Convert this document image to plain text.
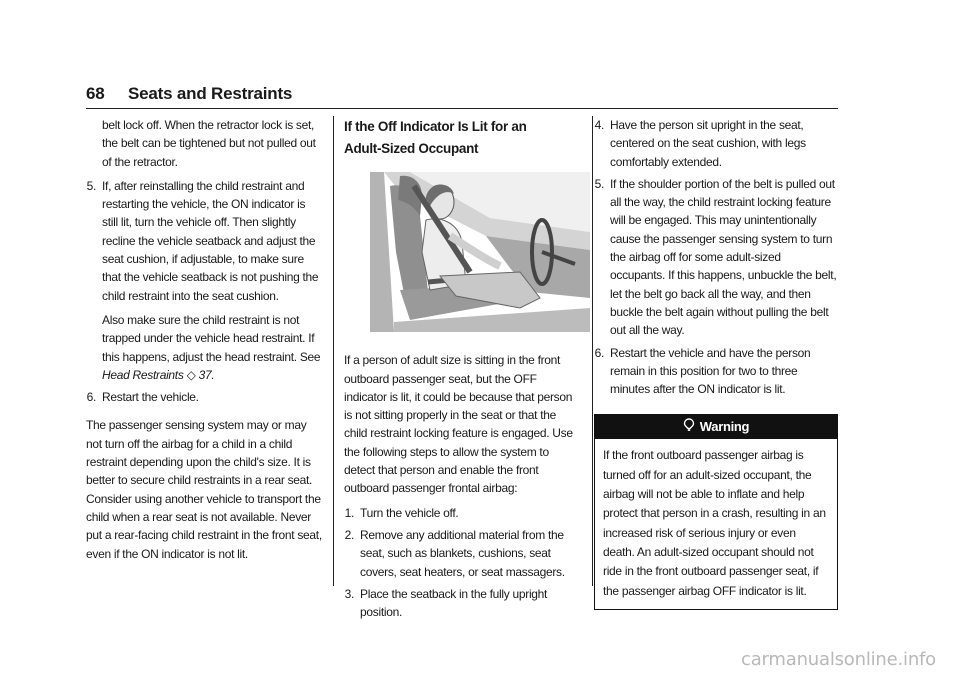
68 Seats and Restraints

belt lock off. When the retractor lock is set, the belt can be tightened but not pulled out of the retractor.

5. If, after reinstalling the child restraint and restarting the vehicle, the ON indicator is still lit, turn the vehicle off. Then slightly recline the vehicle seatback and adjust the seat cushion, if adjustable, to make sure that the vehicle seatback is not pushing the child restraint into the seat cushion.

Also make sure the child restraint is not trapped under the vehicle head restraint. If this happens, adjust the head restraint. See Head Restraints ◇ 37.

6. Restart the vehicle.

The passenger sensing system may or may not turn off the airbag for a child in a child restraint depending upon the child's size. It is better to secure child restraints in a rear seat. Consider using another vehicle to transport the child when a rear seat is not available. Never put a rear-facing child restraint in the front seat, even if the ON indicator is not lit.

If the Off Indicator Is Lit for an

Adult-Sized Occupant

If a person of adult size is sitting in the front outboard passenger seat, but the OFF indicator is lit, it could be because that person is not sitting properly in the seat or that the child restraint locking feature is engaged. Use the following steps to allow the system to detect that person and enable the front outboard passenger frontal airbag:

1. Turn the vehicle off.

2. Remove any additional material from the seat, such as blankets, cushions, seat covers, seat heaters, or seat massagers.

3. Place the seatback in the fully upright position.

4. Have the person sit upright in the seat, centered on the seat cushion, with legs comfortably extended.

5. If the shoulder portion of the belt is pulled out all the way, the child restraint locking feature will be engaged. This may unintentionally cause the passenger sensing system to turn the airbag off for some adult-sized occupants. If this happens, unbuckle the belt, let the belt go back all the way, and then buckle the belt again without pulling the belt out all the way.

6. Restart the vehicle and have the person remain in this position for two to three minutes after the ON indicator is lit.

Warning
If the front outboard passenger airbag is turned off for an adult-sized occupant, the airbag will not be able to inflate and help protect that person in a crash, resulting in an increased risk of serious injury or even death. An adult-sized occupant should not ride in the front outboard passenger seat, if the passenger airbag OFF indicator is lit.
carmanualsonline.info
